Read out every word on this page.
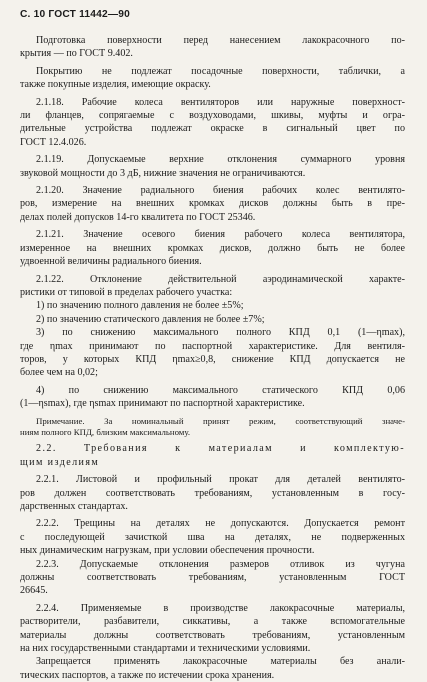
С. 10 ГОСТ 11442—90
Подготовка поверхности перед нанесением лакокрасочного по-
крытия — по ГОСТ 9.402.
Покрытию не подлежат посадочные поверхности, таблички, а
также покупные изделия, имеющие окраску.
2.1.18. Рабочие колеса вентиляторов или наружные поверхност-
ли фланцев, сопрягаемые с воздуховодами, шкивы, муфты и огра-
дительные устройства подлежат окраске в сигнальный цвет по
ГОСТ 12.4.026.
2.1.19. Допускаемые верхние отклонения суммарного уровня
звуковой мощности до 3 дБ, нижние значения не ограничиваются.
2.1.20. Значение радиального биения рабочих колес вентилято-
ров, измерение на внешних кромках дисков должны быть в пре-
делах полей допусков 14-го квалитета по ГОСТ 25346.
2.1.21. Значение осевого биения рабочего колеса вентилятора,
измеренное на внешних кромках дисков, должно быть не более
удвоенной величины радиального биения.
2.1.22. Отклонение действительной аэродинамической характе-
ристики от типовой в пределах рабочего участка:
1) по значению полного давления не более ±5%;
2) по значению статического давления не более ±7%;
3) по снижению максимального полного КПД 0,1 (1—ηmax),
где ηmax принимают по паспортной характеристике. Для вентиля-
торов, у которых КПД ηmax≥0,8, снижение КПД допускается не
более чем на 0,02;
4) по снижению максимального статического КПД 0,06
(1—ηsmax), где ηsmax принимают по паспортной характеристике.
Примечание. За номинальный принят режим, соответствующий значе-
ниям полного КПД, близким максимальному.
2.2. Требования к материалам и комплектую-
щим изделиям
2.2.1. Листовой и профильный прокат для деталей вентилято-
ров должен соответствовать требованиям, установленным в госу-
дарственных стандартах.
2.2.2. Трещины на деталях не допускаются. Допускается ремонт
с последующей зачисткой шва на деталях, не подверженных
ных динамическим нагрузкам, при условии обеспечения прочности.
2.2.3. Допускаемые отклонения размеров отливок из чугуна
должны соответствовать требованиям, установленным ГОСТ
26645.
2.2.4. Применяемые в производстве лакокрасочные материалы,
растворители, разбавители, сиккативы, а также вспомогательные
материалы должны соответствовать требованиям, установленным
на них государственными стандартами и техническими условиями.
Запрещается применять лакокрасочные материалы без анали-
тических паспортов, а также по истечении срока хранения.
